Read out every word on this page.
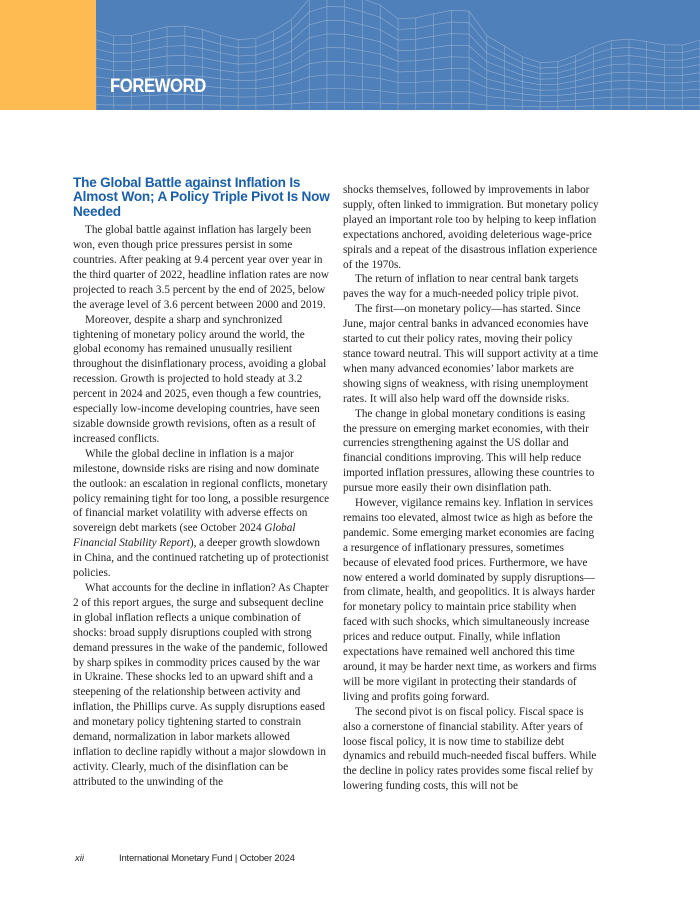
FOREWORD
The Global Battle against Inflation Is Almost Won; A Policy Triple Pivot Is Now Needed

The global battle against inflation has largely been won, even though price pressures persist in some countries. After peaking at 9.4 percent year over year in the third quarter of 2022, headline inflation rates are now projected to reach 3.5 percent by the end of 2025, below the average level of 3.6 percent between 2000 and 2019.

Moreover, despite a sharp and synchronized tightening of monetary policy around the world, the global economy has remained unusually resilient throughout the disinflationary process, avoiding a global recession. Growth is projected to hold steady at 3.2 percent in 2024 and 2025, even though a few countries, especially low-income developing countries, have seen sizable downside growth revisions, often as a result of increased conflicts.

While the global decline in inflation is a major milestone, downside risks are rising and now dominate the outlook: an escalation in regional conflicts, monetary policy remaining tight for too long, a possible resurgence of financial market volatility with adverse effects on sovereign debt markets (see October 2024 Global Financial Stability Report), a deeper growth slowdown in China, and the continued ratcheting up of protectionist policies.

What accounts for the decline in inflation? As Chapter 2 of this report argues, the surge and subsequent decline in global inflation reflects a unique combination of shocks: broad supply disruptions coupled with strong demand pressures in the wake of the pandemic, followed by sharp spikes in commodity prices caused by the war in Ukraine. These shocks led to an upward shift and a steepening of the relationship between activity and inflation, the Phillips curve. As supply disruptions eased and monetary policy tightening started to constrain demand, normalization in labor markets allowed inflation to decline rapidly without a major slowdown in activity. Clearly, much of the disinflation can be attributed to the unwinding of the

shocks themselves, followed by improvements in labor supply, often linked to immigration. But monetary policy played an important role too by helping to keep inflation expectations anchored, avoiding deleterious wage-price spirals and a repeat of the disastrous inflation experience of the 1970s.

The return of inflation to near central bank targets paves the way for a much-needed policy triple pivot.

The first—on monetary policy—has started. Since June, major central banks in advanced economies have started to cut their policy rates, moving their policy stance toward neutral. This will support activity at a time when many advanced economies’ labor markets are showing signs of weakness, with rising unemployment rates. It will also help ward off the downside risks.

The change in global monetary conditions is easing the pressure on emerging market economies, with their currencies strengthening against the US dollar and financial conditions improving. This will help reduce imported inflation pressures, allowing these countries to pursue more easily their own disinflation path.

However, vigilance remains key. Inflation in services remains too elevated, almost twice as high as before the pandemic. Some emerging market economies are facing a resurgence of inflationary pressures, sometimes because of elevated food prices. Furthermore, we have now entered a world dominated by supply disruptions—from climate, health, and geopolitics. It is always harder for monetary policy to maintain price stability when faced with such shocks, which simultaneously increase prices and reduce output. Finally, while inflation expectations have remained well anchored this time around, it may be harder next time, as workers and firms will be more vigilant in protecting their standards of living and profits going forward.

The second pivot is on fiscal policy. Fiscal space is also a cornerstone of financial stability. After years of loose fiscal policy, it is now time to stabilize debt dynamics and rebuild much-needed fiscal buffers. While the decline in policy rates provides some fiscal relief by lowering funding costs, this will not be

xii	International Monetary Fund | October 2024
